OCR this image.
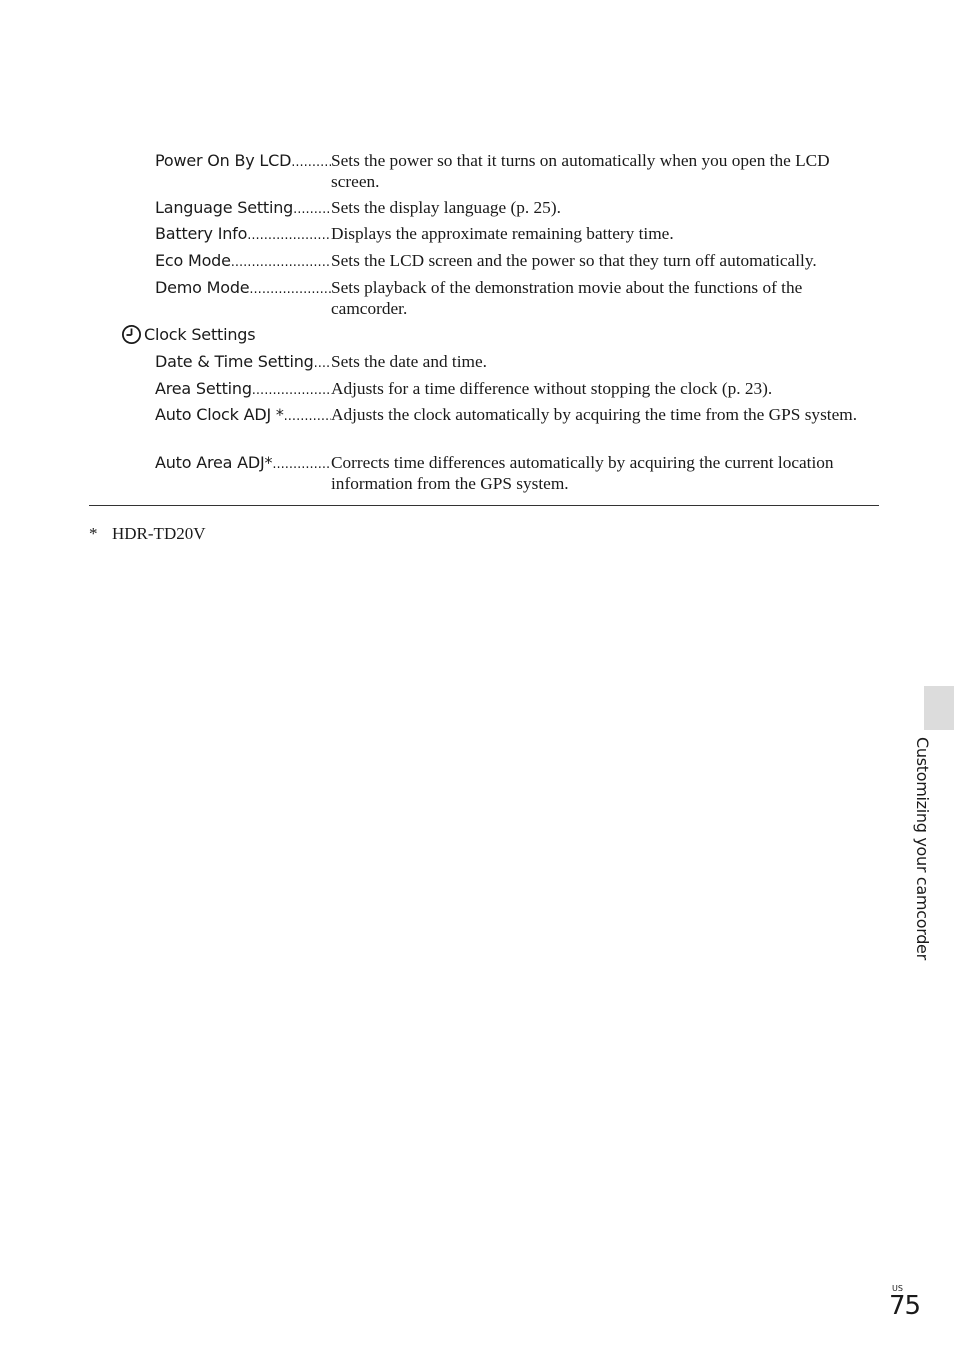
Power On By LCD ..... Sets the power so that it turns on automatically when you open the LCD screen.
Language Setting ..... Sets the display language (p. 25).
Battery Info .....	Displays the approximate remaining battery time.
Eco Mode .....	Sets the LCD screen and the power so that they turn off automatically.
Demo Mode .....	Sets playback of the demonstration movie about the functions of the camcorder.
Clock Settings
Date & Time Setting ..... Sets the date and time.
Area Setting .....	Adjusts for a time difference without stopping the clock (p. 23).
Auto Clock ADJ * .....	Adjusts the clock automatically by acquiring the time from the GPS system.
Auto Area ADJ* .....	Corrects time differences automatically by acquiring the current location information from the GPS system.
* HDR-TD20V
Customizing your camcorder
US
75
